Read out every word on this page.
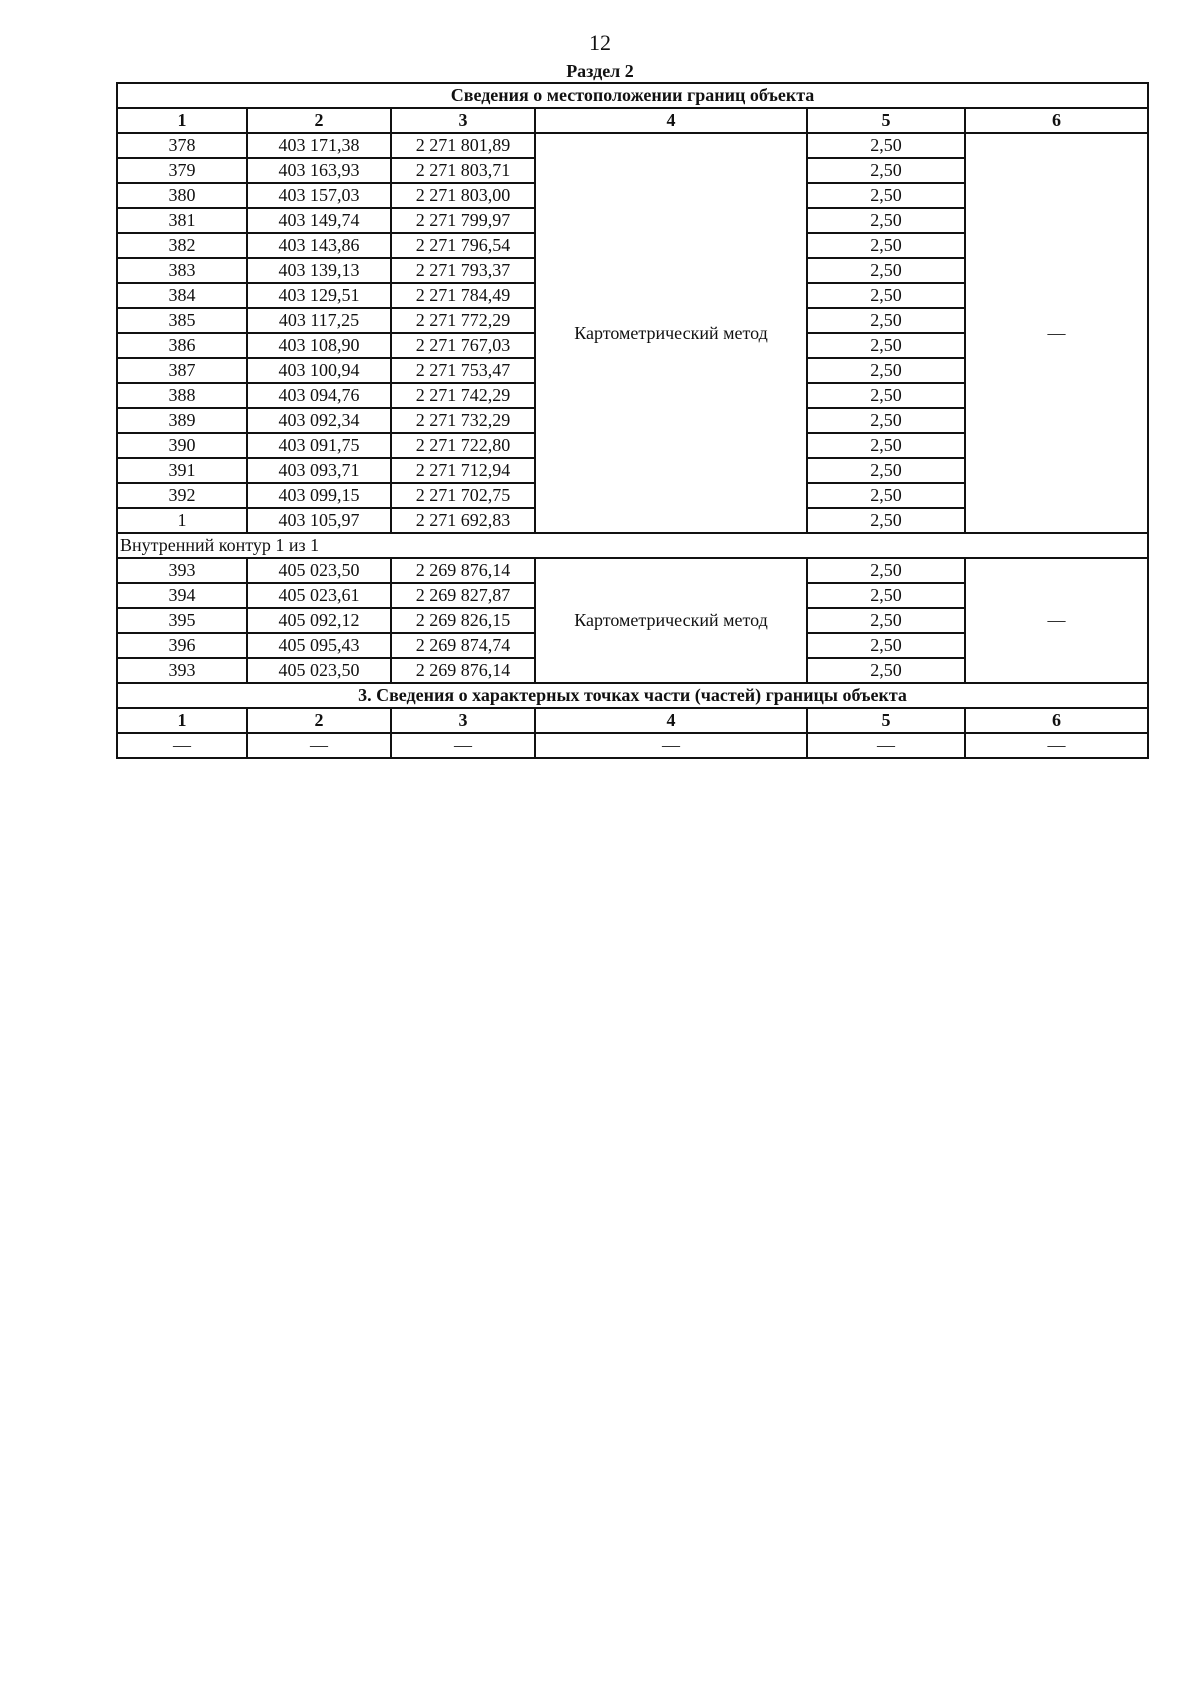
12
Раздел 2
Сведения о местоположении границ объекта					
1	2	3	4	5	6
378	403 171,38	2 271 801,89	Картометрический метод	2,50	—
379	403 163,93	2 271 803,71		2,50	
380	403 157,03	2 271 803,00		2,50	
381	403 149,74	2 271 799,97		2,50	
382	403 143,86	2 271 796,54		2,50	
383	403 139,13	2 271 793,37		2,50	
384	403 129,51	2 271 784,49		2,50	
385	403 117,25	2 271 772,29		2,50	
386	403 108,90	2 271 767,03		2,50	
387	403 100,94	2 271 753,47		2,50	
388	403 094,76	2 271 742,29		2,50	
389	403 092,34	2 271 732,29		2,50	
390	403 091,75	2 271 722,80		2,50	
391	403 093,71	2 271 712,94		2,50	
392	403 099,15	2 271 702,75		2,50	
1	403 105,97	2 271 692,83		2,50	
Внутренний контур 1 из 1					
393	405 023,50	2 269 876,14	Картометрический метод	2,50	—
394	405 023,61	2 269 827,87		2,50	
395	405 092,12	2 269 826,15		2,50	
396	405 095,43	2 269 874,74		2,50	
393	405 023,50	2 269 876,14		2,50	
3. Сведения о характерных точках части (частей) границы объекта					
1	2	3	4	5	6
—	—	—	—	—	—
